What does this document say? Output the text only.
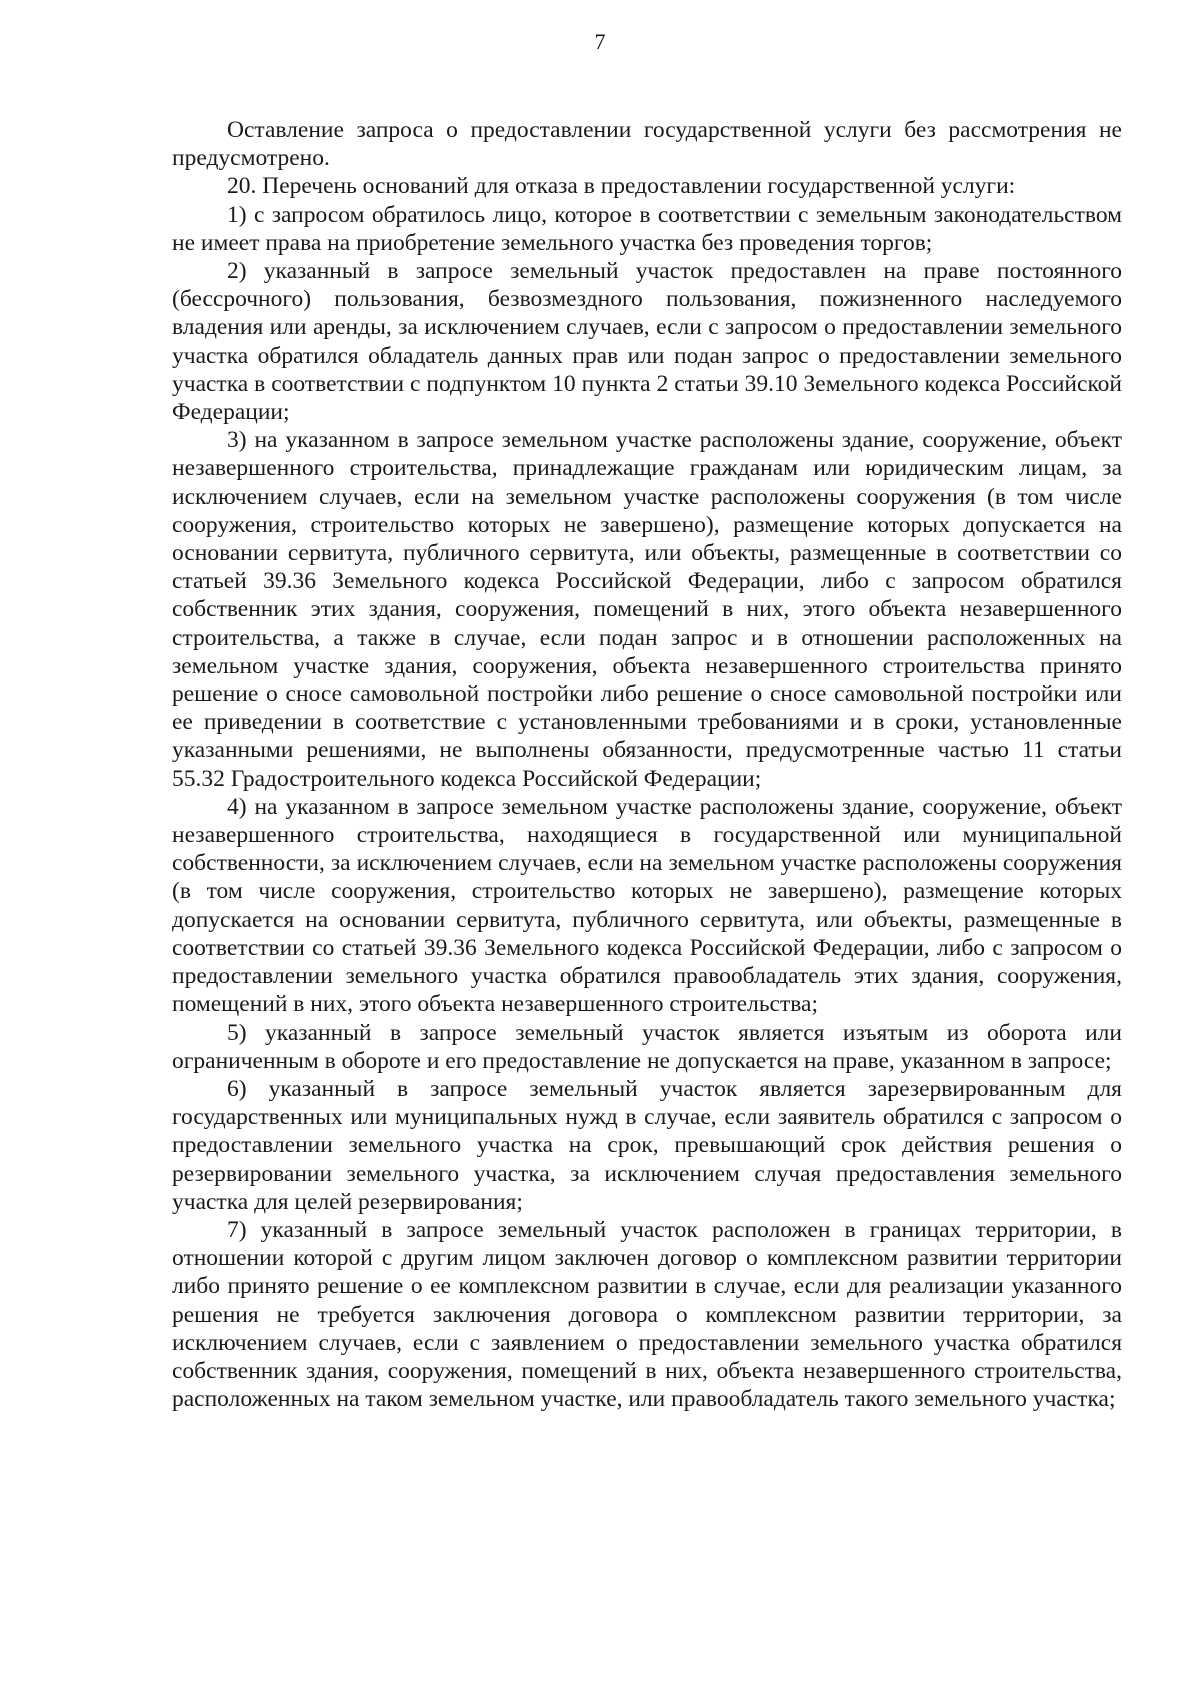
7

Оставление запроса о предоставлении государственной услуги без рассмотрения не предусмотрено.

20. Перечень оснований для отказа в предоставлении государственной услуги:

1) с запросом обратилось лицо, которое в соответствии с земельным законодательством не имеет права на приобретение земельного участка без проведения торгов;

2) указанный в запросе земельный участок предоставлен на праве постоянного (бессрочного) пользования, безвозмездного пользования, пожизненного наследуемого владения или аренды, за исключением случаев, если с запросом о предоставлении земельного участка обратился обладатель данных прав или подан запрос о предоставлении земельного участка в соответствии с подпунктом 10 пункта 2 статьи 39.10 Земельного кодекса Российской Федерации;

3) на указанном в запросе земельном участке расположены здание, сооружение, объект незавершенного строительства, принадлежащие гражданам или юридическим лицам, за исключением случаев, если на земельном участке расположены сооружения (в том числе сооружения, строительство которых не завершено), размещение которых допускается на основании сервитута, публичного сервитута, или объекты, размещенные в соответствии со статьей 39.36 Земельного кодекса Российской Федерации, либо с запросом обратился собственник этих здания, сооружения, помещений в них, этого объекта незавершенного строительства, а также в случае, если подан запрос и в отношении расположенных на земельном участке здания, сооружения, объекта незавершенного строительства принято решение о сносе самовольной постройки либо решение о сносе самовольной постройки или ее приведении в соответствие с установленными требованиями и в сроки, установленные указанными решениями, не выполнены обязанности, предусмотренные частью 11 статьи 55.32 Градостроительного кодекса Российской Федерации;

4) на указанном в запросе земельном участке расположены здание, сооружение, объект незавершенного строительства, находящиеся в государственной или муниципальной собственности, за исключением случаев, если на земельном участке расположены сооружения (в том числе сооружения, строительство которых не завершено), размещение которых допускается на основании сервитута, публичного сервитута, или объекты, размещенные в соответствии со статьей 39.36 Земельного кодекса Российской Федерации, либо с запросом о предоставлении земельного участка обратился правообладатель этих здания, сооружения, помещений в них, этого объекта незавершенного строительства;

5) указанный в запросе земельный участок является изъятым из оборота или ограниченным в обороте и его предоставление не допускается на праве, указанном в запросе;

6) указанный в запросе земельный участок является зарезервированным для государственных или муниципальных нужд в случае, если заявитель обратился с запросом о предоставлении земельного участка на срок, превышающий срок действия решения о резервировании земельного участка, за исключением случая предоставления земельного участка для целей резервирования;

7) указанный в запросе земельный участок расположен в границах территории, в отношении которой с другим лицом заключен договор о комплексном развитии территории либо принято решение о ее комплексном развитии в случае, если для реализации указанного решения не требуется заключения договора о комплексном развитии территории, за исключением случаев, если с заявлением о предоставлении земельного участка обратился собственник здания, сооружения, помещений в них, объекта незавершенного строительства, расположенных на таком земельном участке, или правообладатель такого земельного участка;
